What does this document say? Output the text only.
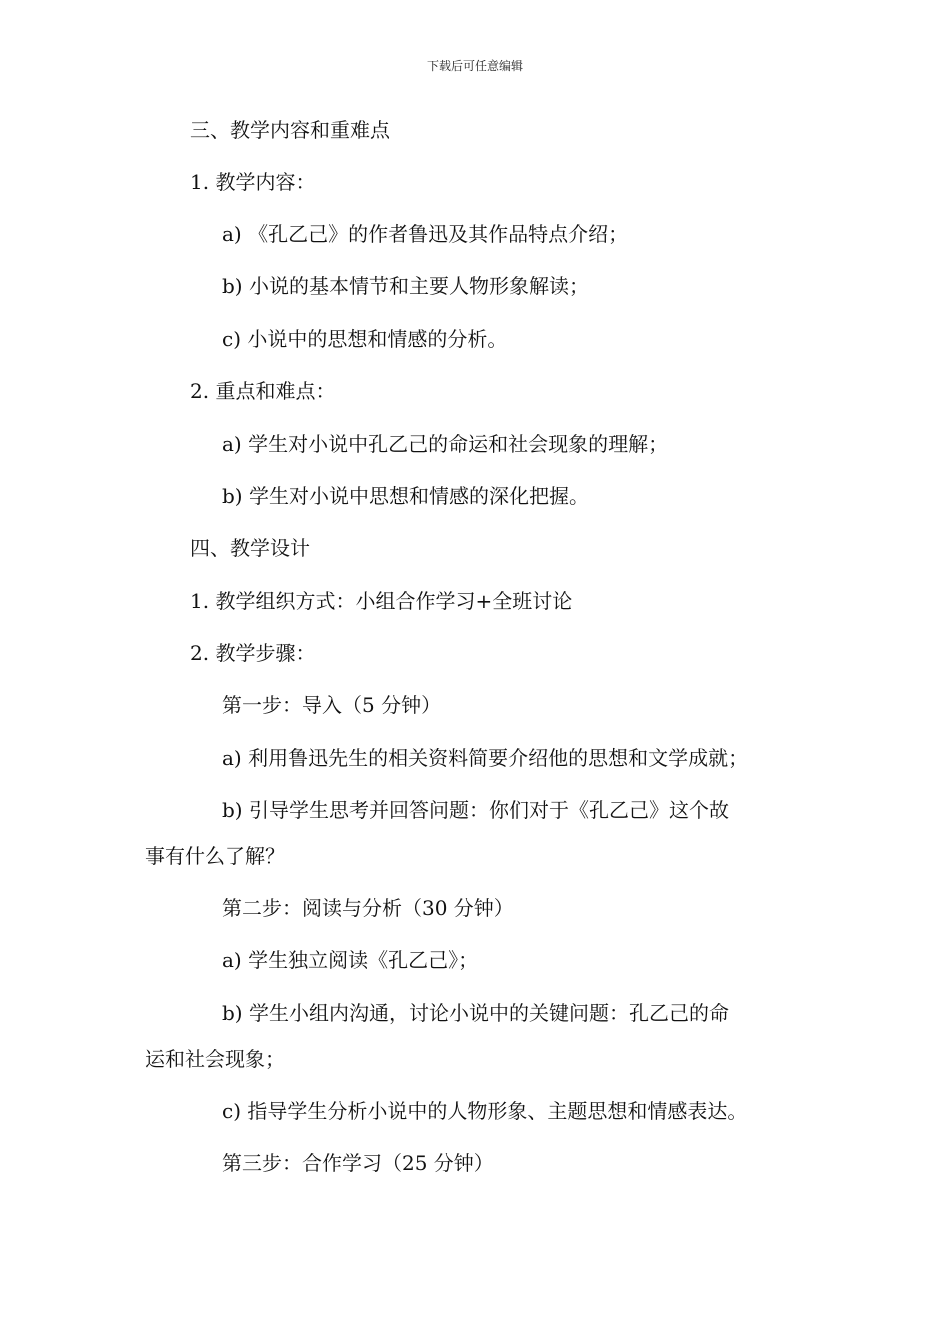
下载后可任意编辑
三、教学内容和重难点
1. 教学内容：
a) 《孔乙己》的作者鲁迅及其作品特点介绍；
b) 小说的基本情节和主要人物形象解读；
c) 小说中的思想和情感的分析。
2. 重点和难点：
a) 学生对小说中孔乙己的命运和社会现象的理解；
b) 学生对小说中思想和情感的深化把握。
四、教学设计
1. 教学组织方式：小组合作学习+全班讨论
2. 教学步骤：
第一步：导入（5 分钟）
a) 利用鲁迅先生的相关资料简要介绍他的思想和文学成就；
b) 引导学生思考并回答问题：你们对于《孔乙己》这个故
事有什么了解？
第二步：阅读与分析（30 分钟）
a) 学生独立阅读《孔乙己》；
b) 学生小组内沟通，讨论小说中的关键问题：孔乙己的命
运和社会现象；
c) 指导学生分析小说中的人物形象、主题思想和情感表达。
第三步：合作学习（25 分钟）
